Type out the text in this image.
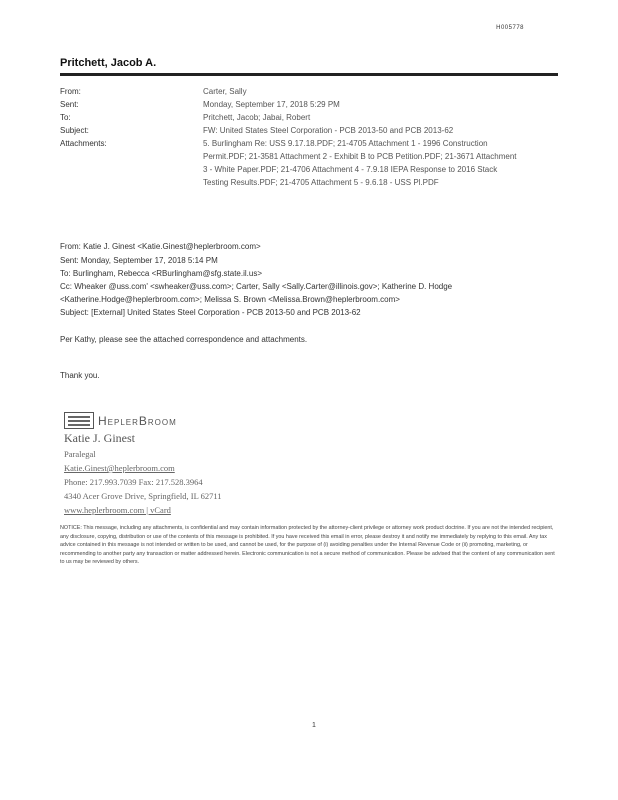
H005778
Pritchett, Jacob A.
From:	Carter, Sally
Sent:	Monday, September 17, 2018 5:29 PM
To:	Pritchett, Jacob; Jabai, Robert
Subject:	FW: United States Steel Corporation - PCB 2013-50 and PCB 2013-62
Attachments:	5. Burlingham Re: USS 9.17.18.PDF; 21-4705 Attachment 1 - 1996 Construction
Permit.PDF; 21-3581 Attachment 2 - Exhibit B to PCB Petition.PDF; 21-3671 Attachment
3 - White Paper.PDF; 21-4706 Attachment 4 - 7.9.18 IEPA Response to 2016 Stack
Testing Results.PDF; 21-4705 Attachment 5 - 9.6.18 - USS Pl.PDF
From: Katie J. Ginest <Katie.Ginest@heplerbroom.com>
Sent: Monday, September 17, 2018 5:14 PM
To: Burlingham, Rebecca <RBurlingham@sfg.state.il.us>
Cc: Wheaker @uss.com' <swheaker@uss.com>; Carter, Sally <Sally.Carter@illinois.gov>; Katherine D. Hodge
<Katherine.Hodge@heplerbroom.com>; Melissa S. Brown <Melissa.Brown@heplerbroom.com>
Subject: [External] United States Steel Corporation - PCB 2013-50 and PCB 2013-62
Per Kathy, please see the attached correspondence and attachments.
Thank you.
HeplerBroom
Katie J. Ginest
Paralegal
Katie.Ginest@heplerbroom.com
Phone: 217.993.7039 Fax: 217.528.3964
4340 Acer Grove Drive, Springfield, IL 62711
www.heplerbroom.com | vCard
NOTICE: This message, including any attachments, is confidential and may contain information protected by the attorney-client privilege or attorney work product doctrine. If you are not the intended recipient, any disclosure, copying, distribution or use of the contents of this message is prohibited. If you have received this email in error, please destroy it and notify me immediately by replying to this email. Any tax advice contained in this message is not intended or written to be used, and cannot be used, for the purpose of (i) avoiding penalties under the Internal Revenue Code or (ii) promoting, marketing, or recommending to another party any transaction or matter addressed herein. Electronic communication is not a secure method of communication. Please be advised that the content of any communication sent to us may be reviewed by others.
1
